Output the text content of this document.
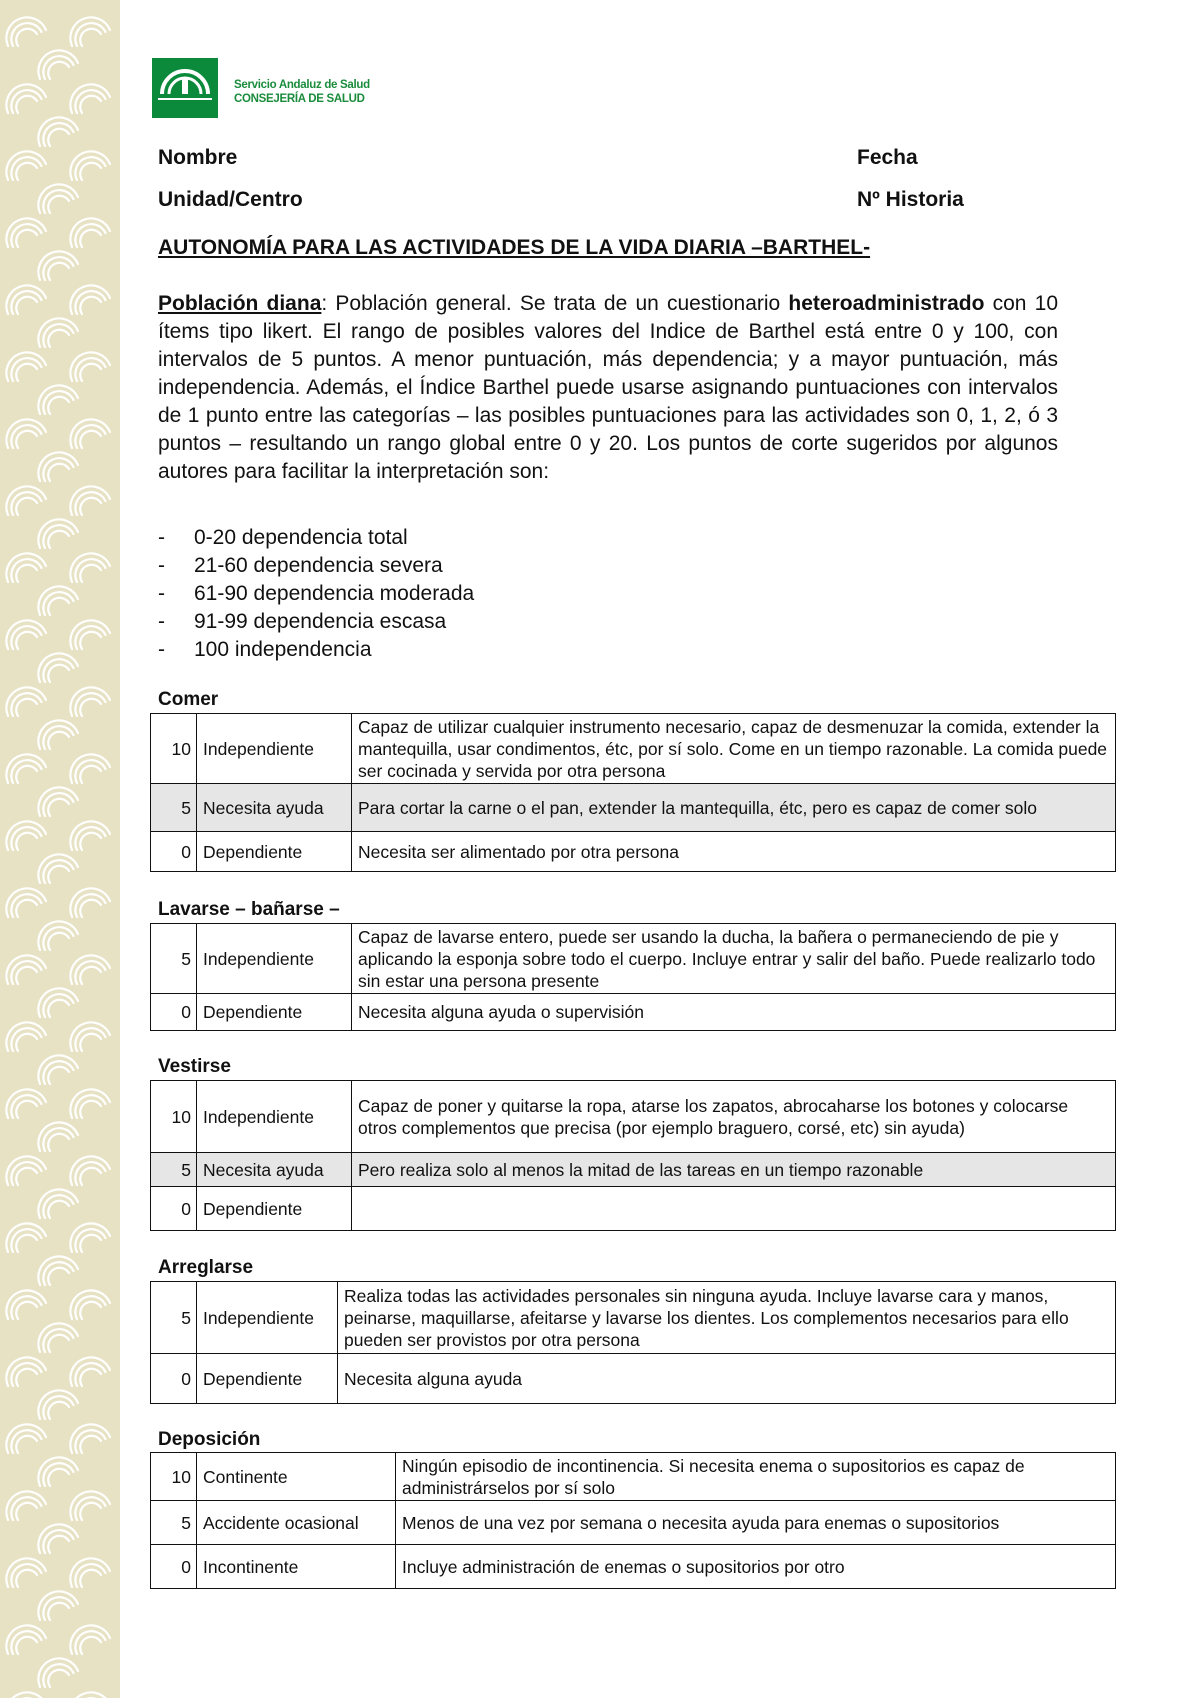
Servicio Andaluz de Salud
CONSEJERÍA DE SALUD
Nombre	Fecha
Unidad/Centro	Nº Historia
AUTONOMÍA PARA LAS ACTIVIDADES DE LA VIDA DIARIA –BARTHEL-
Población diana: Población general. Se trata de un cuestionario heteroadministrado con 10 ítems tipo likert. El rango de posibles valores del Indice de Barthel está entre 0 y 100, con intervalos de 5 puntos. A menor puntuación, más dependencia; y a mayor puntuación, más independencia. Además, el Índice Barthel puede usarse asignando puntuaciones con intervalos de 1 punto entre las categorías – las posibles puntuaciones para las actividades son 0, 1, 2, ó 3 puntos – resultando un rango global entre 0 y 20. Los puntos de corte sugeridos por algunos autores para facilitar la interpretación son:
- 0-20 dependencia total
- 21-60 dependencia severa
- 61-90 dependencia moderada
- 91-99 dependencia escasa
- 100 independencia
Comer
10	Independiente	Capaz de utilizar cualquier instrumento necesario, capaz de desmenuzar la comida, extender la mantequilla, usar condimentos, étc, por sí solo. Come en un tiempo razonable. La comida puede ser cocinada y servida por otra persona
5	Necesita ayuda	Para cortar la carne o el pan, extender la mantequilla, étc, pero es capaz de comer solo
0	Dependiente	Necesita ser alimentado por otra persona
Lavarse – bañarse –
5	Independiente	Capaz de lavarse entero, puede ser usando la ducha, la bañera o permaneciendo de pie y aplicando la esponja sobre todo el cuerpo. Incluye entrar y salir del baño. Puede realizarlo todo sin estar una persona presente
0	Dependiente	Necesita alguna ayuda o supervisión
Vestirse
10	Independiente	Capaz de poner y quitarse la ropa, atarse los zapatos, abrocaharse los botones y colocarse otros complementos que precisa (por ejemplo braguero, corsé, etc) sin ayuda)
5	Necesita ayuda	Pero realiza solo al menos la mitad de las tareas en un tiempo razonable
0	Dependiente	
Arreglarse
5	Independiente	Realiza todas las actividades personales sin ninguna ayuda. Incluye lavarse cara y manos, peinarse, maquillarse, afeitarse y lavarse los dientes. Los complementos necesarios para ello pueden ser provistos por otra persona
0	Dependiente	Necesita alguna ayuda
Deposición
10	Continente	Ningún episodio de incontinencia. Si necesita enema o supositorios es capaz de administrárselos por sí solo
5	Accidente ocasional	Menos de una vez por semana o necesita ayuda para enemas o supositorios
0	Incontinente	Incluye administración de enemas o supositorios por otro
